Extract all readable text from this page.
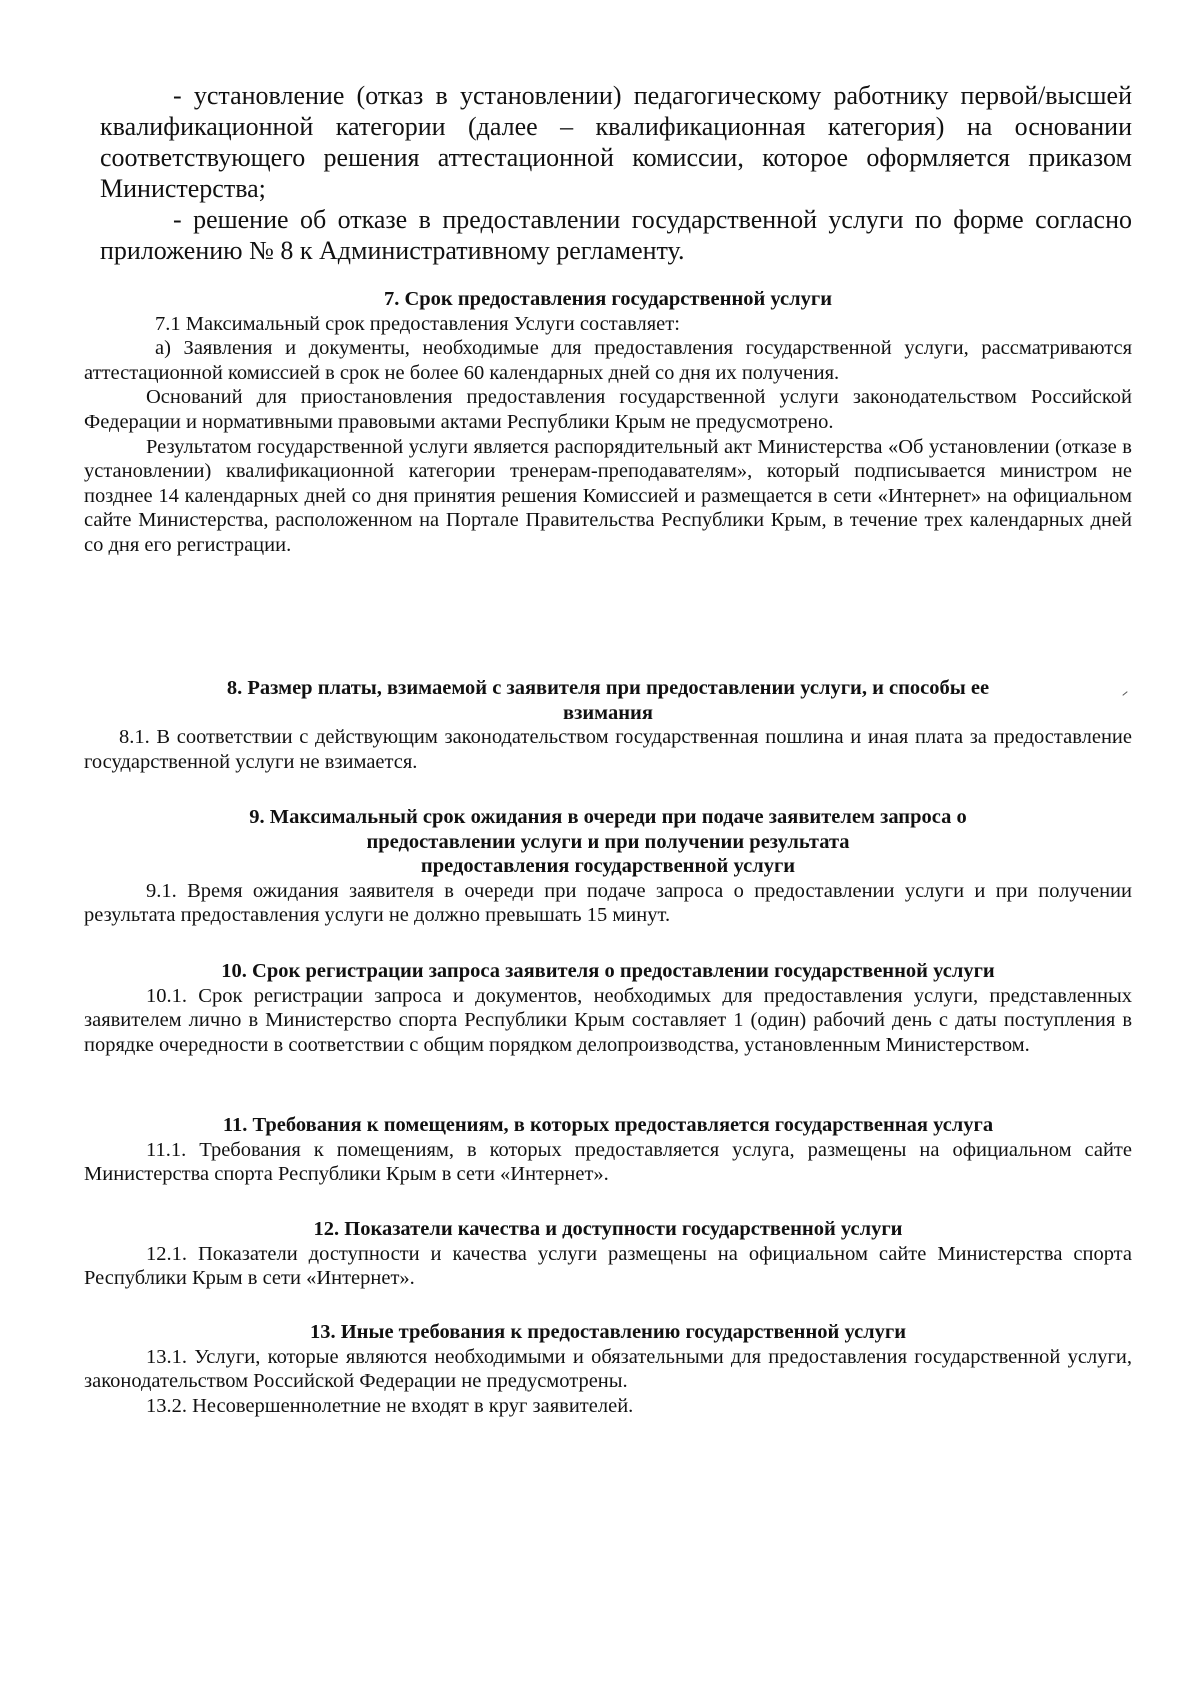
- установление (отказ в установлении) педагогическому работнику первой/высшей квалификационной категории (далее – квалификационная категория) на основании соответствующего решения аттестационной комиссии, которое оформляется приказом Министерства;

- решение об отказе в предоставлении государственной услуги по форме согласно приложению № 8 к Административному регламенту.

7. Срок предоставления государственной услуги

7.1 Максимальный срок предоставления Услуги составляет:

а) Заявления и документы, необходимые для предоставления государственной услуги, рассматриваются аттестационной комиссией в срок не более 60 календарных дней со дня их получения.

Оснований для приостановления предоставления государственной услуги законодательством Российской Федерации и нормативными правовыми актами Республики Крым не предусмотрено.

Результатом государственной услуги является распорядительный акт Министерства «Об установлении (отказе в установлении) квалификационной категории тренерам-преподавателям», который подписывается министром не позднее 14 календарных дней со дня принятия решения Комиссией и размещается в сети «Интернет» на официальном сайте Министерства, расположенном на Портале Правительства Республики Крым, в течение трех календарных дней со дня его регистрации.

8. Размер платы, взимаемой с заявителя при предоставлении услуги, и способы ее
взимания

8.1. В соответствии с действующим законодательством государственная пошлина и иная плата за предоставление государственной услуги не взимается.

9. Максимальный срок ожидания в очереди при подаче заявителем запроса о
предоставлении услуги и при получении результата
предоставления государственной услуги

9.1. Время ожидания заявителя в очереди при подаче запроса о предоставлении услуги и при получении результата предоставления услуги не должно превышать 15 минут.

10. Срок регистрации запроса заявителя о предоставлении государственной услуги

10.1. Срок регистрации запроса и документов, необходимых для предоставления услуги, представленных заявителем лично в Министерство спорта Республики Крым составляет 1 (один) рабочий день с даты поступления в порядке очередности в соответствии с общим порядком делопроизводства, установленным Министерством.

11. Требования к помещениям, в которых предоставляется государственная услуга

11.1. Требования к помещениям, в которых предоставляется услуга, размещены на официальном сайте Министерства спорта Республики Крым в сети «Интернет».

12. Показатели качества и доступности государственной услуги

12.1. Показатели доступности и качества услуги размещены на официальном сайте Министерства спорта Республики Крым в сети «Интернет».

13. Иные требования к предоставлению государственной услуги

13.1. Услуги, которые являются необходимыми и обязательными для предоставления государственной услуги, законодательством Российской Федерации не предусмотрены.

13.2. Несовершеннолетние не входят в круг заявителей.
